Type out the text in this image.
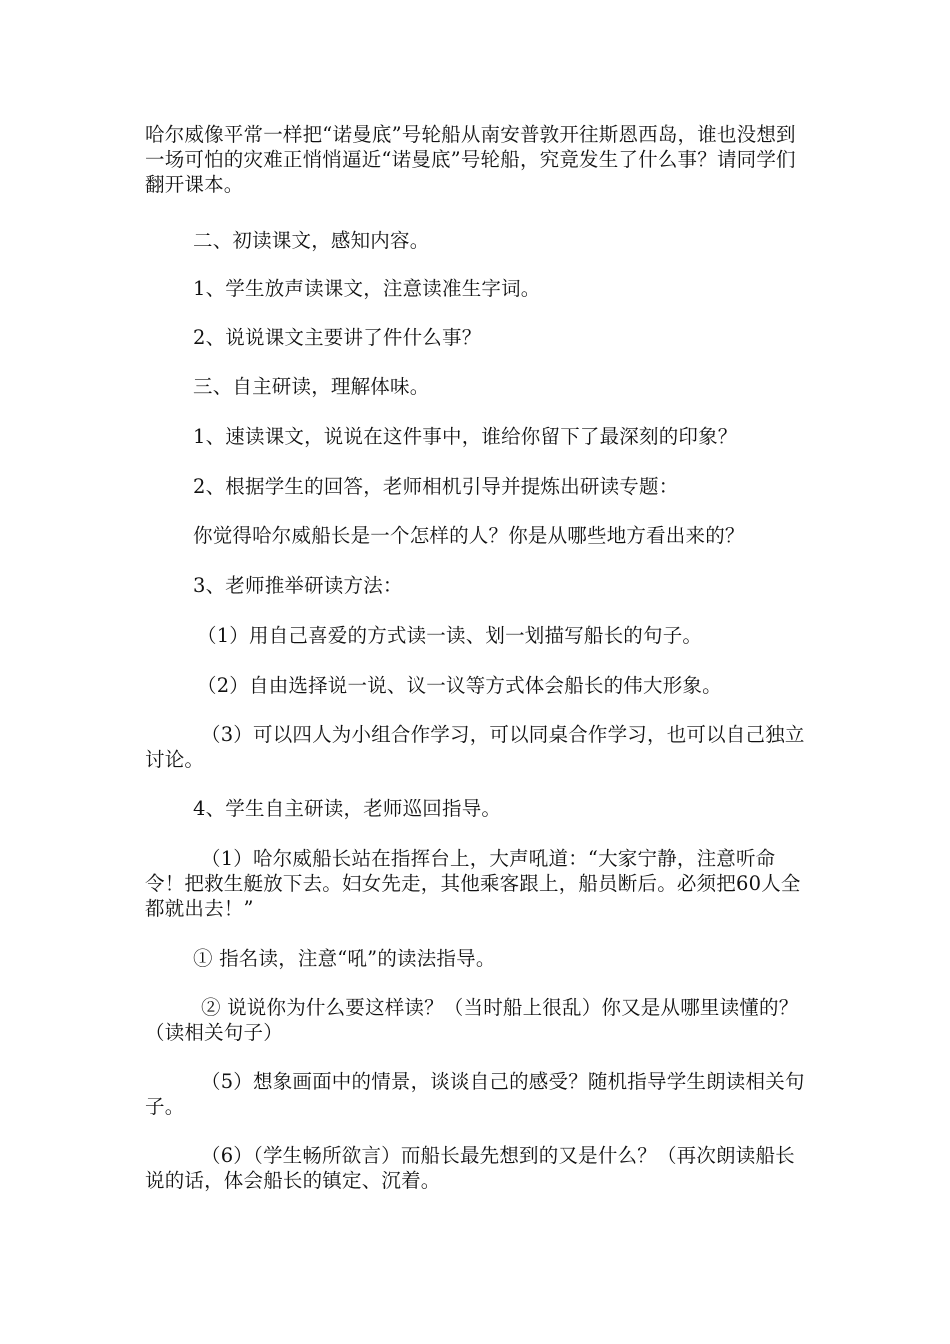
哈尔威像平常一样把“诺曼底”号轮船从南安普敦开往斯恩西岛，谁也没想到一场可怕的灾难正悄悄逼近“诺曼底”号轮船，究竟发生了什么事？请同学们翻开课本。

二、初读课文，感知内容。

1、学生放声读课文，注意读准生字词。

2、说说课文主要讲了件什么事？

三、自主研读，理解体味。

1、速读课文，说说在这件事中，谁给你留下了最深刻的印象？

2、根据学生的回答，老师相机引导并提炼出研读专题：

你觉得哈尔威船长是一个怎样的人？你是从哪些地方看出来的？

3、老师推举研读方法：

（1）用自己喜爱的方式读一读、划一划描写船长的句子。

（2）自由选择说一说、议一议等方式体会船长的伟大形象。

（3）可以四人为小组合作学习，可以同桌合作学习，也可以自己独立讨论。

4、学生自主研读，老师巡回指导。

（1）哈尔威船长站在指挥台上，大声吼道：“大家宁静，注意听命令！把救生艇放下去。妇女先走，其他乘客跟上，船员断后。必须把60人全都就出去！”

① 指名读，注意“吼”的读法指导。

② 说说你为什么要这样读？（当时船上很乱）你又是从哪里读懂的？（读相关句子）

（5）想象画面中的情景，谈谈自己的感受？随机指导学生朗读相关句子。

（6）（学生畅所欲言）而船长最先想到的又是什么？（再次朗读船长说的话，体会船长的镇定、沉着。
